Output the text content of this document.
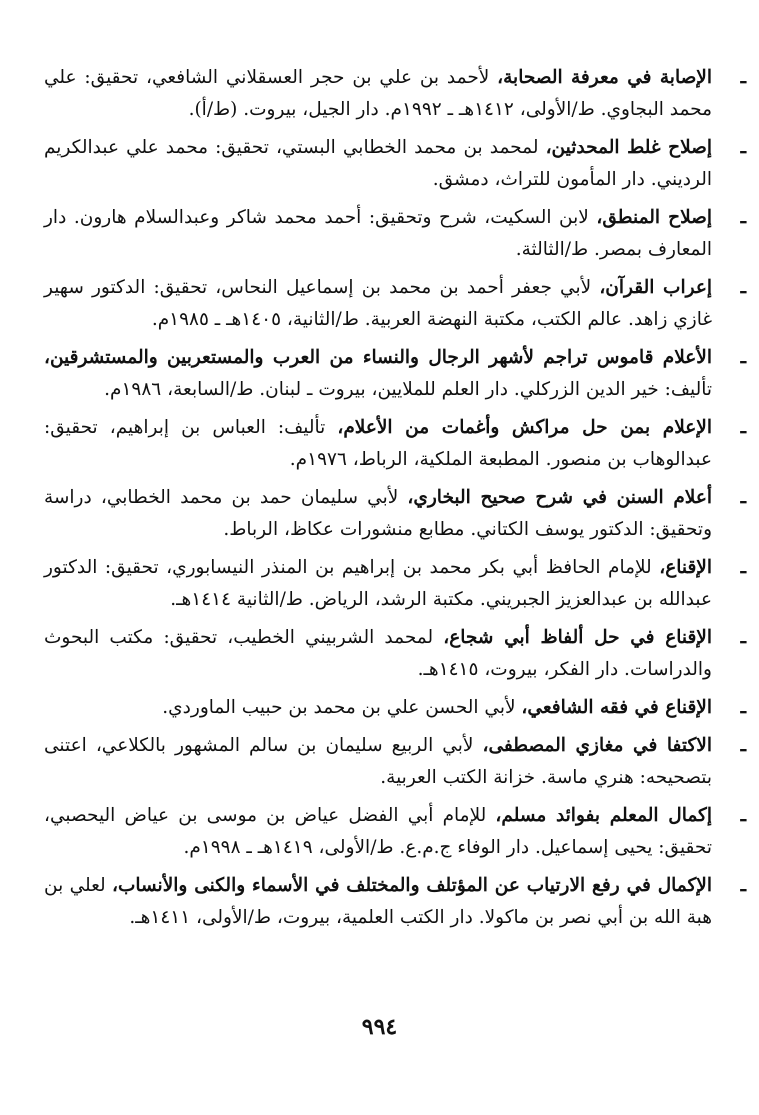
ـ
الإصابة في معرفة الصحابة، لأحمد بن علي بن حجر العسقلاني الشافعي، تحقيق: علي محمد البجاوي. ط/الأولى، ١٤١٢هـ ـ ١٩٩٢م. دار الجيل، بيروت. (ط/أ).
ـ
إصلاح غلط المحدثين، لمحمد بن محمد الخطابي البستي، تحقيق: محمد علي عبدالكريم الرديني. دار المأمون للتراث، دمشق.
ـ
إصلاح المنطق، لابن السكيت، شرح وتحقيق: أحمد محمد شاكر وعبدالسلام هارون. دار المعارف بمصر. ط/الثالثة.
ـ
إعراب القرآن، لأبي جعفر أحمد بن محمد بن إسماعيل النحاس، تحقيق: الدكتور سهير غازي زاهد. عالم الكتب، مكتبة النهضة العربية. ط/الثانية، ١٤٠٥هـ ـ ١٩٨٥م.
ـ
الأعلام قاموس تراجم لأشهر الرجال والنساء من العرب والمستعربين والمستشرقين، تأليف: خير الدين الزركلي. دار العلم للملايين، بيروت ـ لبنان. ط/السابعة، ١٩٨٦م.
ـ
الإعلام بمن حل مراكش وأغمات من الأعلام، تأليف: العباس بن إبراهيم، تحقيق: عبدالوهاب بن منصور. المطبعة الملكية، الرباط، ١٩٧٦م.
ـ
أعلام السنن في شرح صحيح البخاري، لأبي سليمان حمد بن محمد الخطابي، دراسة وتحقيق: الدكتور يوسف الكتاني. مطابع منشورات عكاظ، الرباط.
ـ
الإقناع، للإمام الحافظ أبي بكر محمد بن إبراهيم بن المنذر النيسابوري، تحقيق: الدكتور عبدالله بن عبدالعزيز الجبريني. مكتبة الرشد، الرياض. ط/الثانية ١٤١٤هـ.
ـ
الإقناع في حل ألفاظ أبي شجاع، لمحمد الشربيني الخطيب، تحقيق: مكتب البحوث والدراسات. دار الفكر، بيروت، ١٤١٥هـ.
ـ
الإقناع في فقه الشافعي، لأبي الحسن علي بن محمد بن حبيب الماوردي.
ـ
الاكتفا في مغازي المصطفى، لأبي الربيع سليمان بن سالم المشهور بالكلاعي، اعتنى بتصحيحه: هنري ماسة. خزانة الكتب العربية.
ـ
إكمال المعلم بفوائد مسلم، للإمام أبي الفضل عياض بن موسى بن عياض اليحصبي، تحقيق: يحيى إسماعيل. دار الوفاء ج.م.ع. ط/الأولى، ١٤١٩هـ ـ ١٩٩٨م.
ـ
الإكمال في رفع الارتياب عن المؤتلف والمختلف في الأسماء والكنى والأنساب، لعلي بن هبة الله بن أبي نصر بن ماكولا. دار الكتب العلمية، بيروت، ط/الأولى، ١٤١١هـ.
٩٩٤
